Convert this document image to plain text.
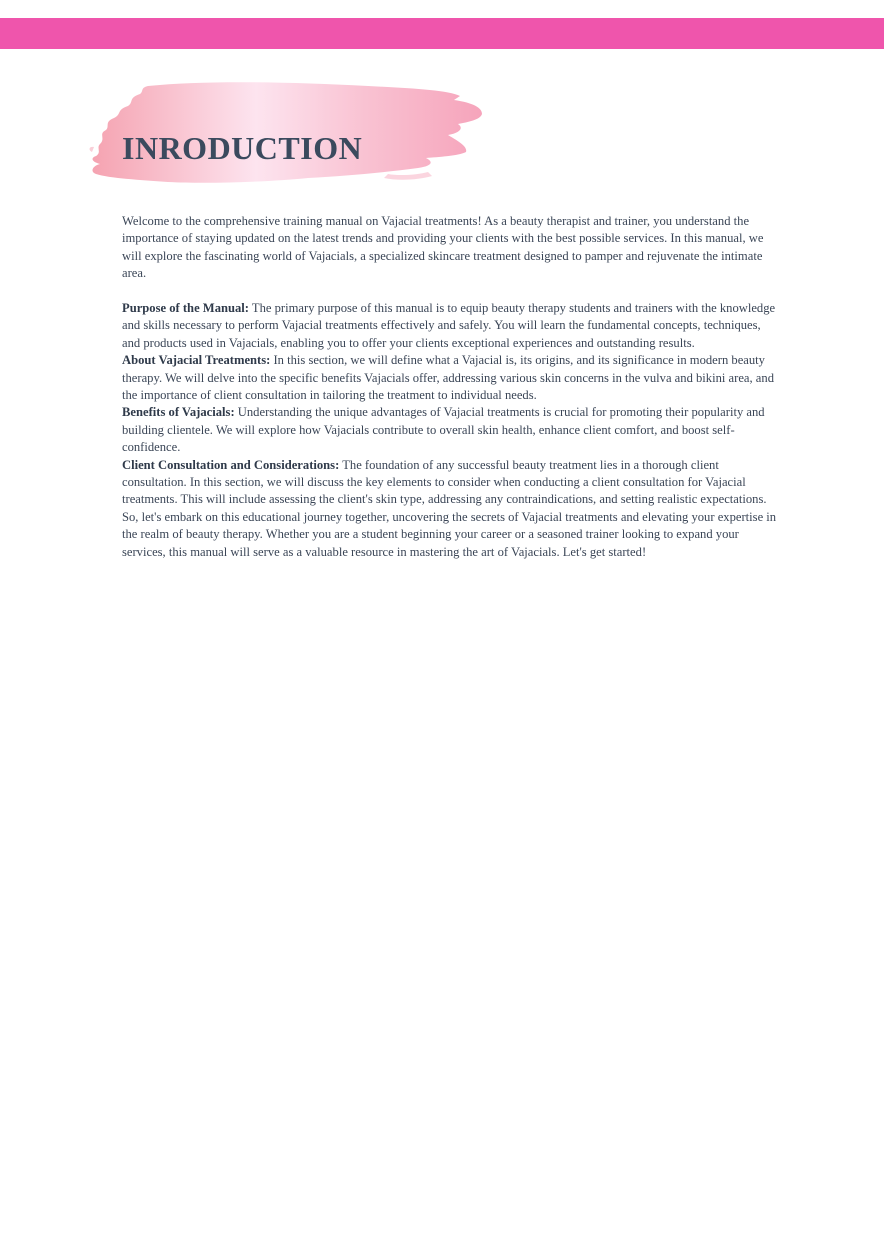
INRODUCTION

Welcome to the comprehensive training manual on Vajacial treatments! As a beauty therapist and trainer, you understand the importance of staying updated on the latest trends and providing your clients with the best possible services. In this manual, we will explore the fascinating world of Vajacials, a specialized skincare treatment designed to pamper and rejuvenate the intimate area.

Purpose of the Manual: The primary purpose of this manual is to equip beauty therapy students and trainers with the knowledge and skills necessary to perform Vajacial treatments effectively and safely. You will learn the fundamental concepts, techniques, and products used in Vajacials, enabling you to offer your clients exceptional experiences and outstanding results.

About Vajacial Treatments: In this section, we will define what a Vajacial is, its origins, and its significance in modern beauty therapy. We will delve into the specific benefits Vajacials offer, addressing various skin concerns in the vulva and bikini area, and the importance of client consultation in tailoring the treatment to individual needs.

Benefits of Vajacials: Understanding the unique advantages of Vajacial treatments is crucial for promoting their popularity and building clientele. We will explore how Vajacials contribute to overall skin health, enhance client comfort, and boost self-confidence.

Client Consultation and Considerations: The foundation of any successful beauty treatment lies in a thorough client consultation. In this section, we will discuss the key elements to consider when conducting a client consultation for Vajacial treatments. This will include assessing the client's skin type, addressing any contraindications, and setting realistic expectations.

So, let's embark on this educational journey together, uncovering the secrets of Vajacial treatments and elevating your expertise in the realm of beauty therapy. Whether you are a student beginning your career or a seasoned trainer looking to expand your services, this manual will serve as a valuable resource in mastering the art of Vajacials. Let's get started!
